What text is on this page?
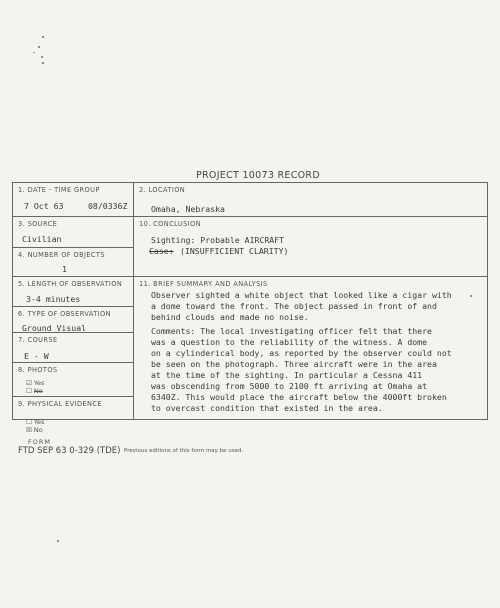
PROJECT 10073 RECORD
1. DATE - TIME GROUP
7 Oct 63	08/0336Z
2. LOCATION
Omaha, Nebraska
3. SOURCE
Civilian
10. CONCLUSION
Sighting: Probable AIRCRAFT
Case: (INSUFFICIENT CLARITY)
4. NUMBER OF OBJECTS
1
5. LENGTH OF OBSERVATION
3-4 minutes
11. BRIEF SUMMARY AND ANALYSIS
Observer sighted a white object that looked like a cigar with
a dome toward the front. The object passed in front of and
behind clouds and made no noise.
Comments: The local investigating officer felt that there
was a question to the reliability of the witness. A dome
on a cylinderical body, as reported by the observer could not
be seen on the photograph. Three aircraft were in the area
at the time of the sighting. In particular a Cessna 411
was obscending from 5000 to 2100 ft arriving at Omaha at
6340Z. This would place the aircraft below the 4000ft broken
to overcast condition that existed in the area.
6. TYPE OF OBSERVATION
Ground Visual
7. COURSE
E - W
8. PHOTOS
☑ Yes
☐ No
9. PHYSICAL EVIDENCE
☐ Yes
☒ No
FORM
FTD SEP 63 0-329 (TDE) Previous editions of this form may be used.
